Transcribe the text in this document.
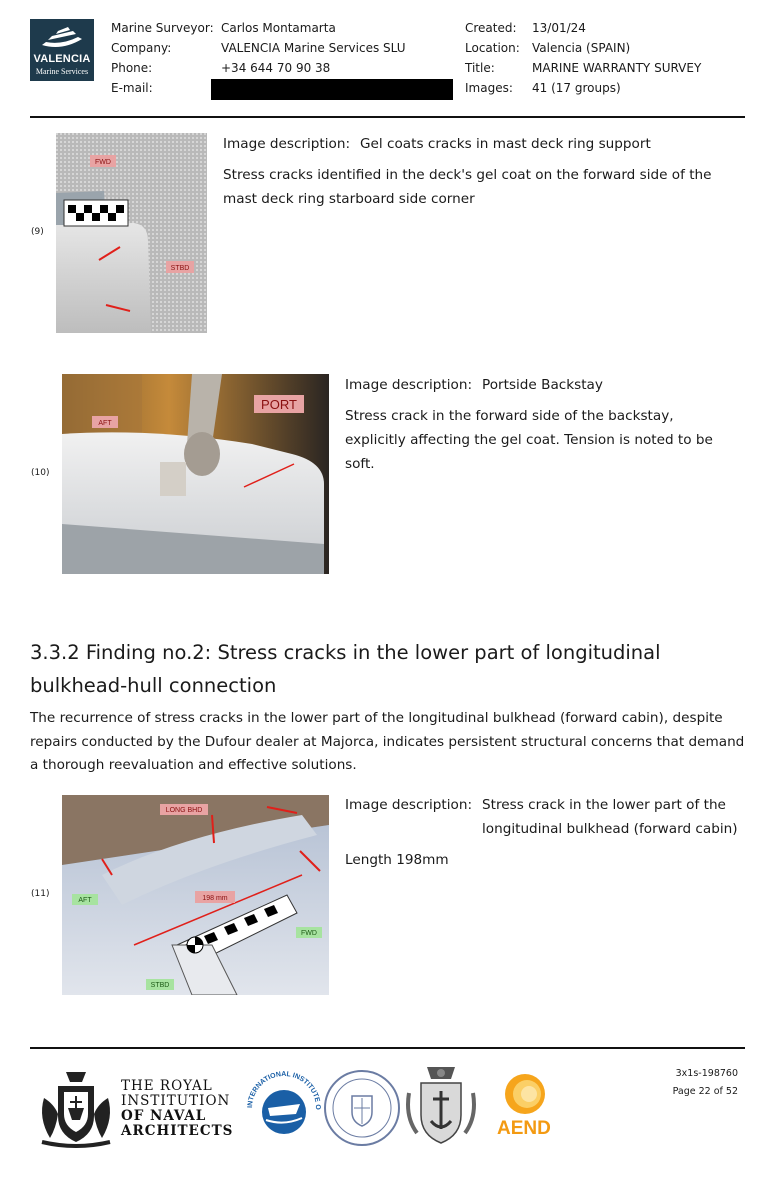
VALENCIA
Marine Services
Marine Surveyor:
Company:
Phone:
E-mail:
Carlos Montamarta
VALENCIA Marine Services SLU
+34 644 70 90 38
Created:
Location:
Title:
Images:
13/01/24
Valencia (SPAIN)
MARINE WARRANTY SURVEY
41 (17 groups)
(9)
FWD
STBD
Image description: Gel coats cracks in mast deck ring support
Stress cracks identified in the deck's gel coat on the forward side of the mast deck ring starboard side corner
(10)
AFT
PORT
Image description: Portside Backstay
Stress crack in the forward side of the backstay, explicitly affecting the gel coat. Tension is noted to be soft.
3.3.2 Finding no.2: Stress cracks in the lower part of longitudinal bulkhead-hull connection
The recurrence of stress cracks in the lower part of the longitudinal bulkhead (forward cabin), despite repairs conducted by the Dufour dealer at Majorca, indicates persistent structural concerns that demand a thorough reevaluation and effective solutions.
(11)
LONG BHD
AFT	198 mm
FWD
STBD
Image description: Stress crack in the lower part of the longitudinal bulkhead (forward cabin)
Length 198mm
THE ROYAL
INSTITUTION
OF NAVAL
ARCHITECTS
INTERNATIONAL INSTITUTE O
AEND
3x1s-198760
Page 22 of 52
